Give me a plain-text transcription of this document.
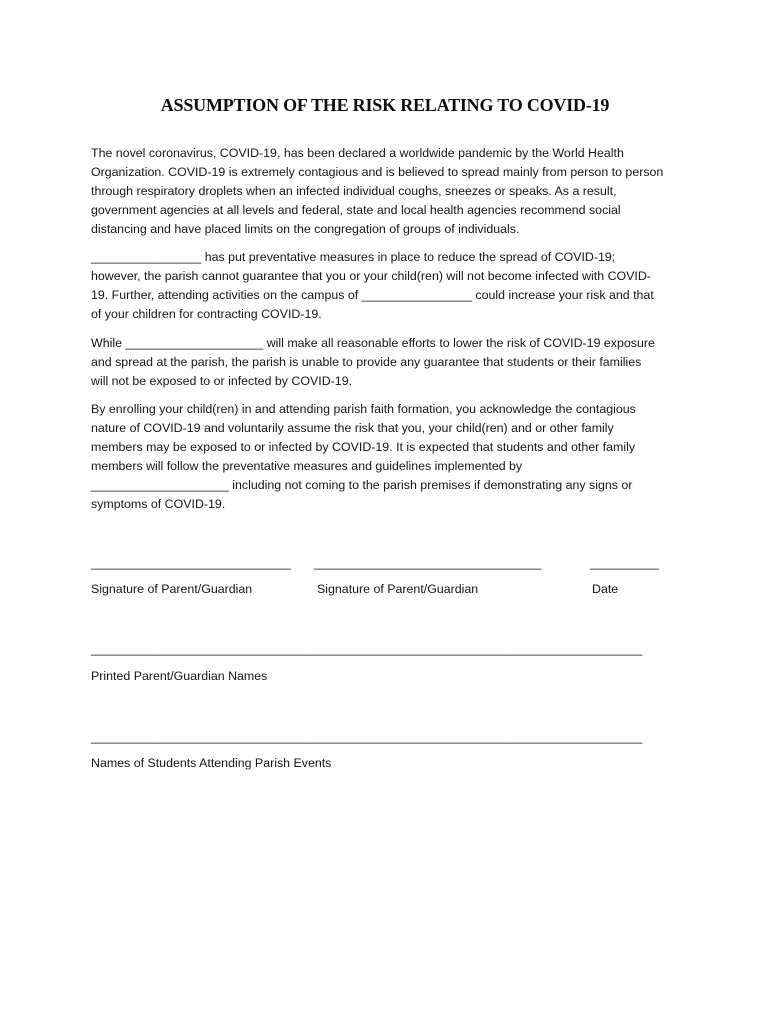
ASSUMPTION OF THE RISK RELATING TO COVID-19
The novel coronavirus, COVID-19, has been declared a worldwide pandemic by the World Health
Organization. COVID-19 is extremely contagious and is believed to spread mainly from person to person
through respiratory droplets when an infected individual coughs, sneezes or speaks. As a result,
government agencies at all levels and federal, state and local health agencies recommend social
distancing and have placed limits on the congregation of groups of individuals.
________________ has put preventative measures in place to reduce the spread of COVID-19;
however, the parish cannot guarantee that you or your child(ren) will not become infected with COVID-
19. Further, attending activities on the campus of ________________ could increase your risk and that
of your children for contracting COVID-19.
While ____________________ will make all reasonable efforts to lower the risk of COVID-19 exposure
and spread at the parish, the parish is unable to provide any guarantee that students or their families
will not be exposed to or infected by COVID-19.
By enrolling your child(ren) in and attending parish faith formation, you acknowledge the contagious
nature of COVID-19 and voluntarily assume the risk that you, your child(ren) and or other family
members may be exposed to or infected by COVID-19. It is expected that students and other family
members will follow the preventative measures and guidelines implemented by
____________________ including not coming to the parish premises if demonstrating any signs or
symptoms of COVID-19.
_____________________________ _________________________________	__________
Signature of Parent/Guardian	Signature of Parent/Guardian	Date
________________________________________________________________________________
Printed Parent/Guardian Names
________________________________________________________________________________
Names of Students Attending Parish Events
